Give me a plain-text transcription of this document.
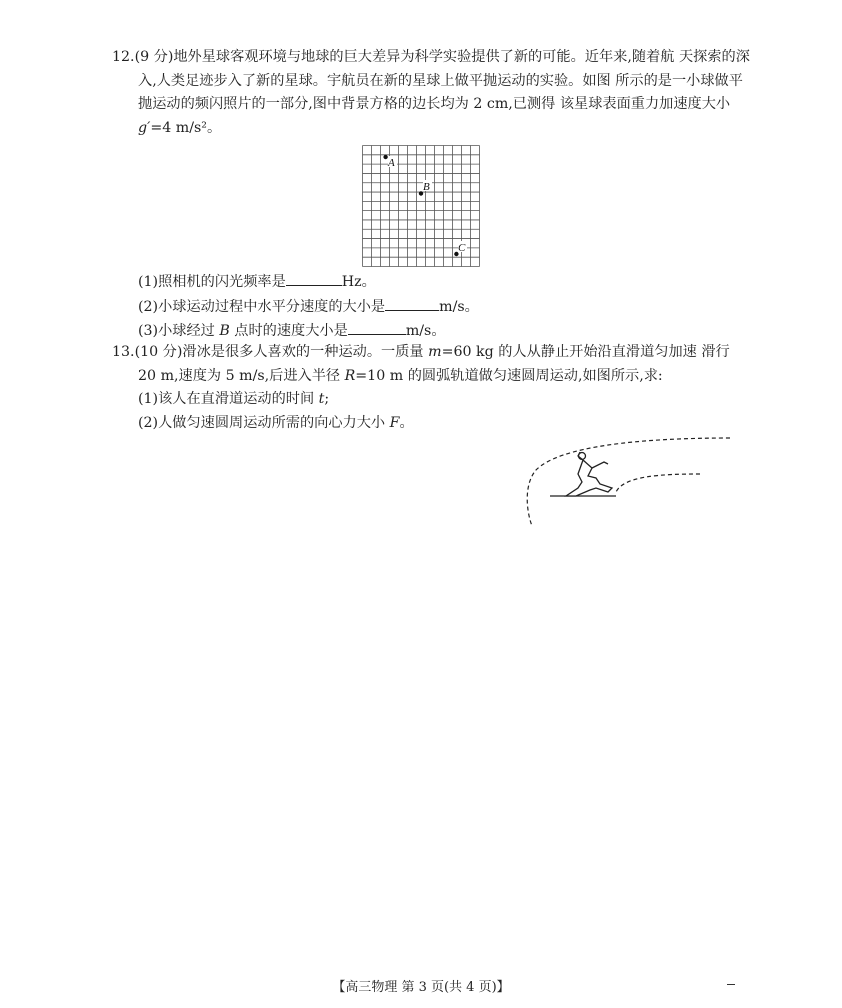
12.(9 分)地外星球客观环境与地球的巨大差异为科学实验提供了新的可能。近年来,随着航 天探索的深入,人类足迹步入了新的星球。宇航员在新的星球上做平抛运动的实验。如图 所示的是一小球做平抛运动的频闪照片的一部分,图中背景方格的边长均为 2 cm,已测得 该星球表面重力加速度大小 g′=4 m/s²。

A
B
C

(1)照相机的闪光频率是	Hz。

(2)小球运动过程中水平分速度的大小是	m/s。

(3)小球经过 B 点时的速度大小是	m/s。

13.(10 分)滑冰是很多人喜欢的一种运动。一质量 m=60 kg 的人从静止开始沿直滑道匀加速 滑行 20 m,速度为 5 m/s,后进入半径 R=10 m 的圆弧轨道做匀速圆周运动,如图所示,求:

(1)该人在直滑道运动的时间 t;

(2)人做匀速圆周运动所需的向心力大小 F。

【高三物理 第 3 页(共 4 页)】
